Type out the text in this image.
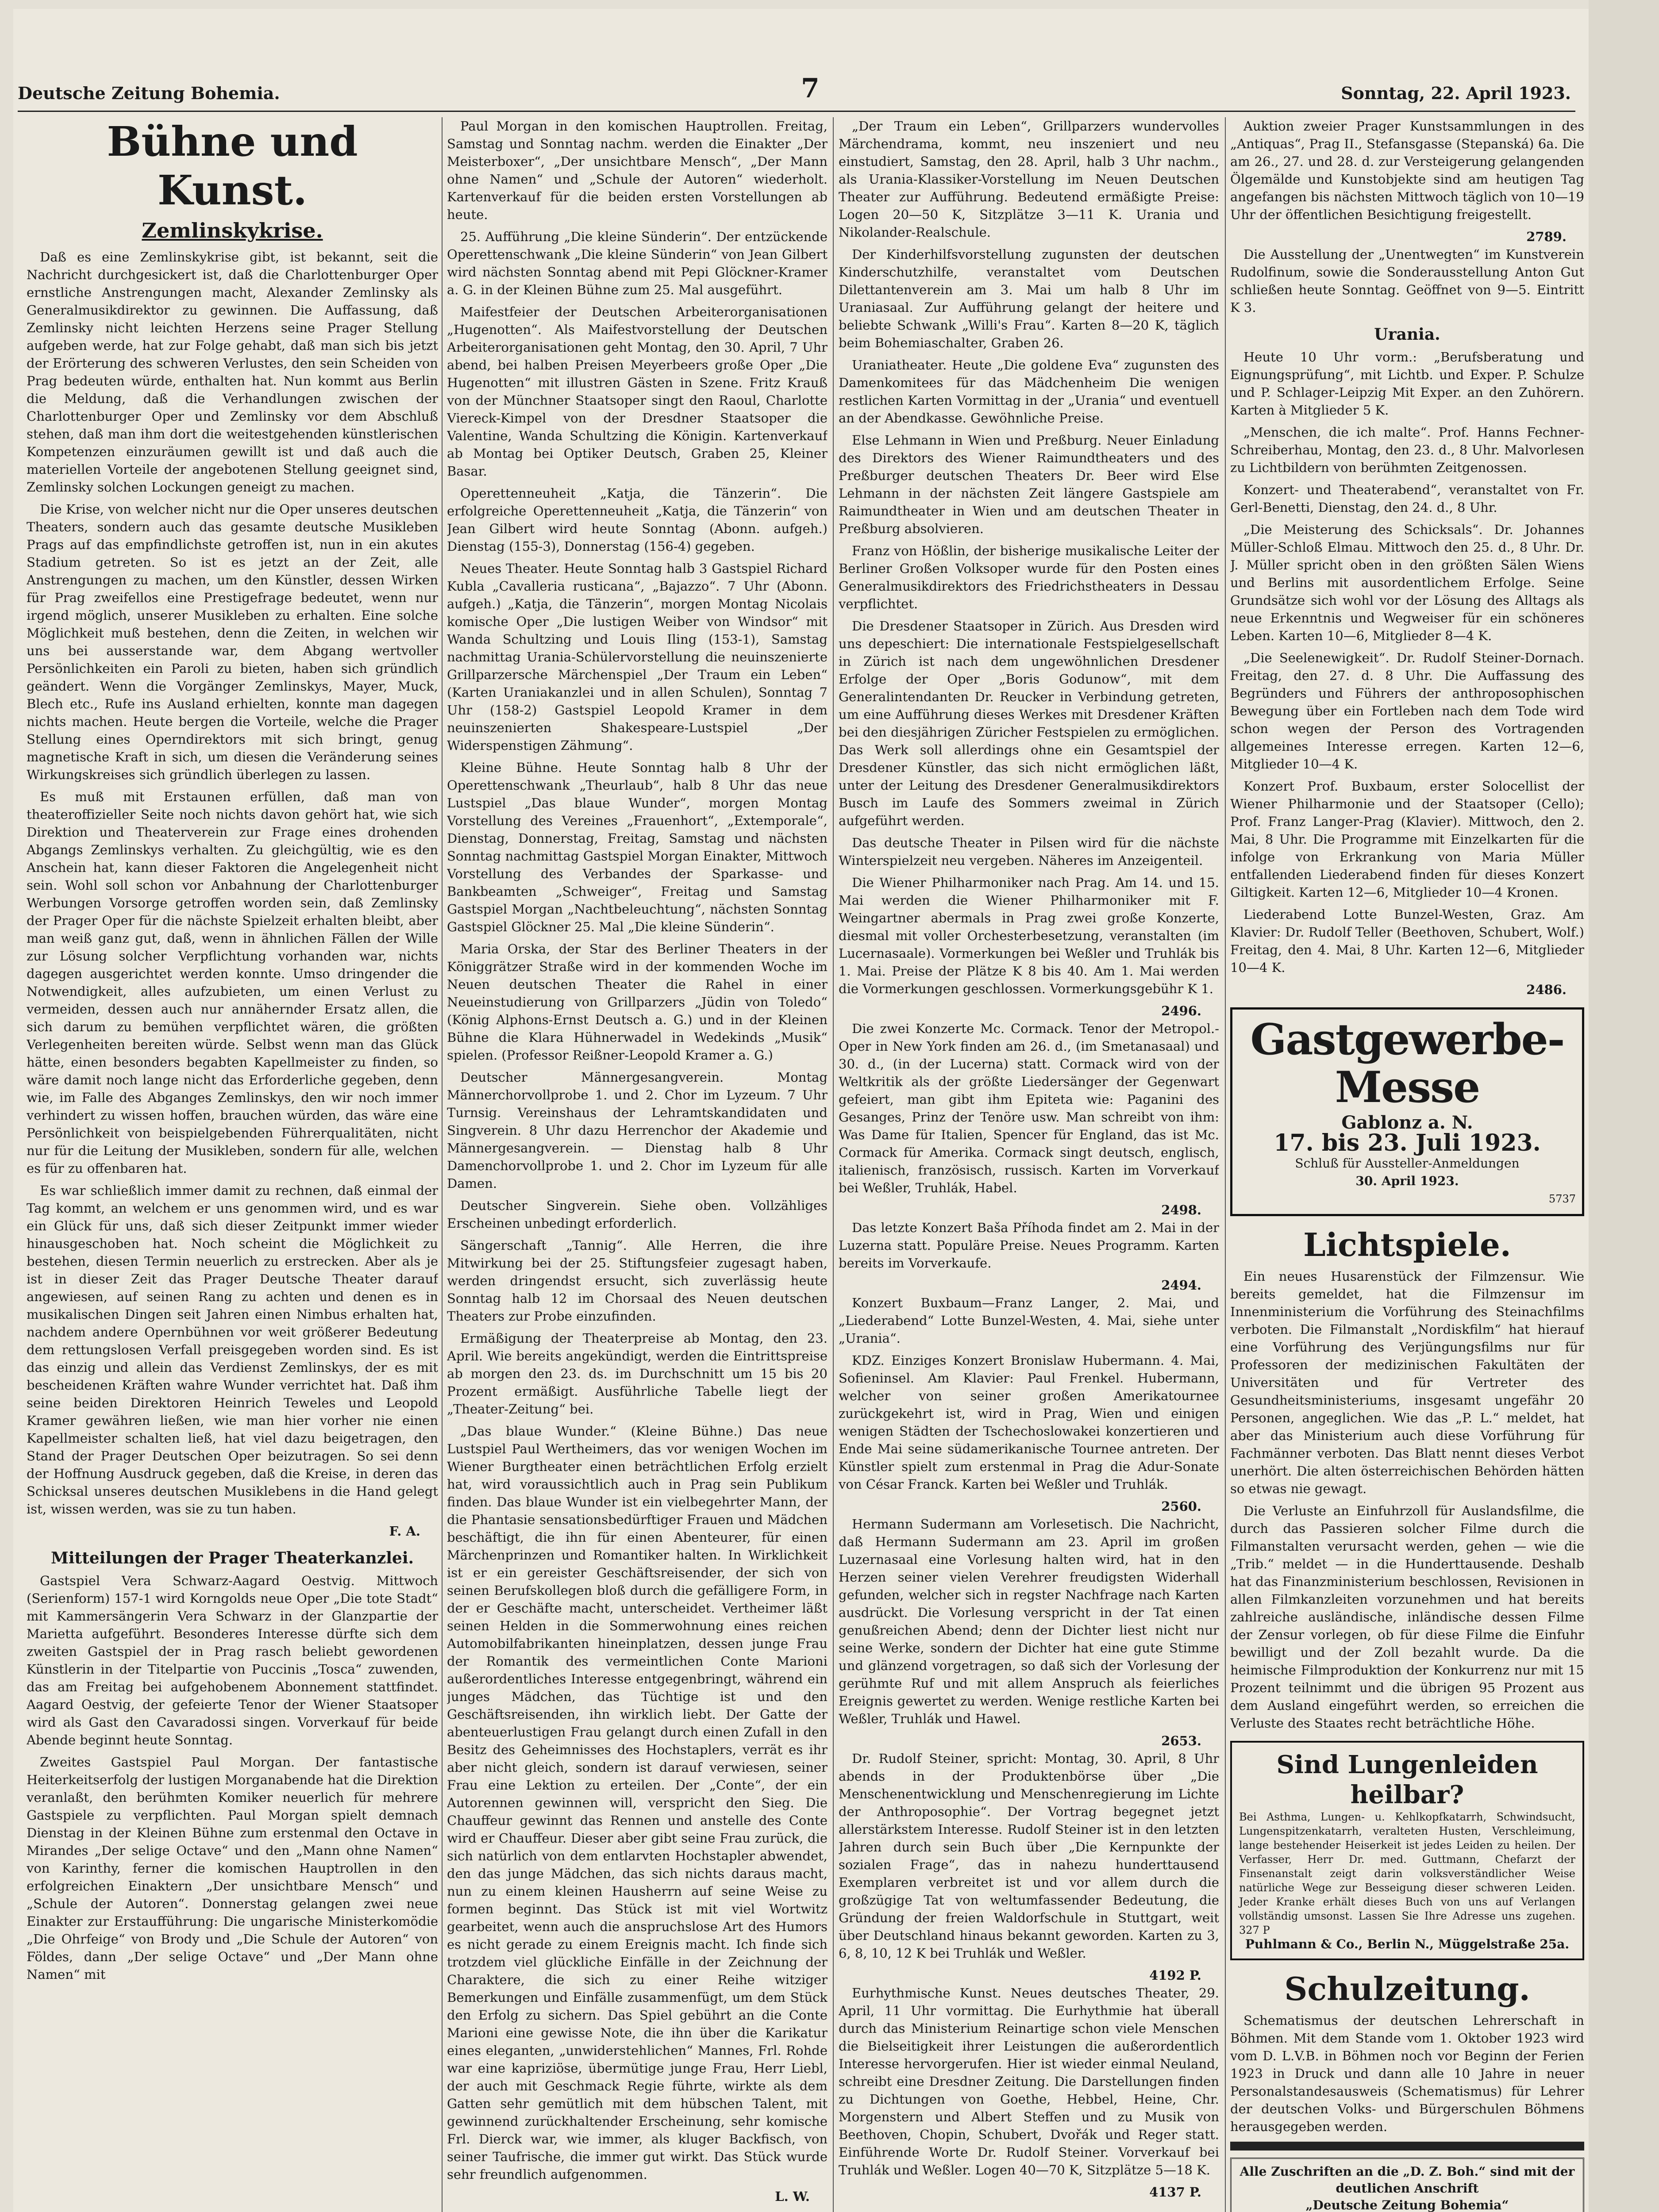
Deutsche Zeitung Bohemia.	7	Sonntag, 22. April 1923.
Bühne und Kunst.
Zemlinskykrise.

Daß es eine Zemlinskykrise gibt, ist bekannt, seit die Nachricht durchgesickert ist, daß die Charlottenburger Oper ernstliche Anstrengungen macht, Alexander Zemlinsky als Generalmusikdirektor zu gewinnen. Die Auffassung, daß Zemlinsky nicht leichten Herzens seine Prager Stellung aufgeben werde, hat zur Folge gehabt, daß man sich bis jetzt der Erörterung des schweren Verlustes, den sein Scheiden von Prag bedeuten würde, enthalten hat. Nun kommt aus Berlin die Meldung, daß die Verhandlungen zwischen der Charlottenburger Oper und Zemlinsky vor dem Abschluß stehen, daß man ihm dort die weitestgehenden künstlerischen Kompetenzen einzuräumen gewillt ist und daß auch die materiellen Vorteile der angebotenen Stellung geeignet sind, Zemlinsky solchen Lockungen geneigt zu machen.

Die Krise, von welcher nicht nur die Oper unseres deutschen Theaters, sondern auch das gesamte deutsche Musikleben Prags auf das empfindlichste getroffen ist, nun in ein akutes Stadium getreten. So ist es jetzt an der Zeit, alle Anstrengungen zu machen, um den Künstler, dessen Wirken für Prag zweifellos eine Prestigefrage bedeutet, wenn nur irgend möglich, unserer Musikleben zu erhalten. Eine solche Möglichkeit muß bestehen, denn die Zeiten, in welchen wir uns bei ausserstande war, dem Abgang wertvoller Persönlichkeiten ein Paroli zu bieten, haben sich gründlich geändert. Wenn die Vorgänger Zemlinskys, Mayer, Muck, Blech etc., Rufe ins Ausland erhielten, konnte man dagegen nichts machen. Heute bergen die Vorteile, welche die Prager Stellung eines Operndirektors mit sich bringt, genug magnetische Kraft in sich, um diesen die Veränderung seines Wirkungskreises sich gründlich überlegen zu lassen.

Es muß mit Erstaunen erfüllen, daß man von theateroffizieller Seite noch nichts davon gehört hat, wie sich Direktion und Theaterverein zur Frage eines drohenden Abgangs Zemlinskys verhalten. Zu gleichgültig, wie es den Anschein hat, kann dieser Faktoren die Angelegenheit nicht sein. Wohl soll schon vor Anbahnung der Charlottenburger Werbungen Vorsorge getroffen worden sein, daß Zemlinsky der Prager Oper für die nächste Spielzeit erhalten bleibt, aber man weiß ganz gut, daß, wenn in ähnlichen Fällen der Wille zur Lösung solcher Verpflichtung vorhanden war, nichts dagegen ausgerichtet werden konnte. Umso dringender die Notwendigkeit, alles aufzubieten, um einen Verlust zu vermeiden, dessen auch nur annähernder Ersatz allen, die sich darum zu bemühen verpflichtet wären, die größten Verlegenheiten bereiten würde. Selbst wenn man das Glück hätte, einen besonders begabten Kapellmeister zu finden, so wäre damit noch lange nicht das Erforderliche gegeben, denn wie, im Falle des Abganges Zemlinskys, den wir noch immer verhindert zu wissen hoffen, brauchen würden, das wäre eine Persönlichkeit von beispielgebenden Führerqualitäten, nicht nur für die Leitung der Musikleben, sondern für alle, welchen es für zu offenbaren hat.

Es war schließlich immer damit zu rechnen, daß einmal der Tag kommt, an welchem er uns genommen wird, und es war ein Glück für uns, daß sich dieser Zeitpunkt immer wieder hinausgeschoben hat. Noch scheint die Möglichkeit zu bestehen, diesen Termin neuerlich zu erstrecken. Aber als je ist in dieser Zeit das Prager Deutsche Theater darauf angewiesen, auf seinen Rang zu achten und denen es in musikalischen Dingen seit Jahren einen Nimbus erhalten hat, nachdem andere Opernbühnen vor weit größerer Bedeutung dem rettungslosen Verfall preisgegeben worden sind. Es ist das einzig und allein das Verdienst Zemlinskys, der es mit bescheidenen Kräften wahre Wunder verrichtet hat. Daß ihm seine beiden Direktoren Heinrich Teweles und Leopold Kramer gewähren ließen, wie man hier vorher nie einen Kapellmeister schalten ließ, hat viel dazu beigetragen, den Stand der Prager Deutschen Oper beizutragen. So sei denn der Hoffnung Ausdruck gegeben, daß die Kreise, in deren das Schicksal unseres deutschen Musiklebens in die Hand gelegt ist, wissen werden, was sie zu tun haben.

F. A.
Mitteilungen der Prager Theaterkanzlei.

Gastspiel Vera Schwarz-Aagard Oestvig. Mittwoch (Serienform) 157-1 wird Korngolds neue Oper „Die tote Stadt“ mit Kammersängerin Vera Schwarz in der Glanzpartie der Marietta aufgeführt. Besonderes Interesse dürfte sich dem zweiten Gastspiel der in Prag rasch beliebt gewordenen Künstlerin in der Titelpartie von Puccinis „Tosca“ zuwenden, das am Freitag bei aufgehobenem Abonnement stattfindet. Aagard Oestvig, der gefeierte Tenor der Wiener Staatsoper wird als Gast den Cavaradossi singen. Vorverkauf für beide Abende beginnt heute Sonntag.

Zweites Gastspiel Paul Morgan. Der fantastische Heiterkeitserfolg der lustigen Morganabende hat die Direktion veranlaßt, den berühmten Komiker neuerlich für mehrere Gastspiele zu verpflichten. Paul Morgan spielt demnach Dienstag in der Kleinen Bühne zum erstenmal den Octave in Mirandes „Der selige Octave“ und den „Mann ohne Namen“ von Karinthy, ferner die komischen Hauptrollen in den erfolgreichen Einaktern „Der unsichtbare Mensch“ und „Schule der Autoren“. Donnerstag gelangen zwei neue Einakter zur Erstaufführung: Die ungarische Ministerkomödie „Die Ohrfeige“ von Brody und „Die Schule der Autoren“ von Földes, dann „Der selige Octave“ und „Der Mann ohne Namen“ mit

Paul Morgan in den komischen Hauptrollen. Freitag, Samstag und Sonntag nachm. werden die Einakter „Der Meisterboxer“, „Der unsichtbare Mensch“, „Der Mann ohne Namen“ und „Schule der Autoren“ wiederholt. Kartenverkauf für die beiden ersten Vorstellungen ab heute.

25. Aufführung „Die kleine Sünderin“. Der entzückende Operettenschwank „Die kleine Sünderin“ von Jean Gilbert wird nächsten Sonntag abend mit Pepi Glöckner-Kramer a. G. in der Kleinen Bühne zum 25. Mal ausgeführt.

Maifestfeier der Deutschen Arbeiterorganisationen „Hugenotten“. Als Maifestvorstellung der Deutschen Arbeiterorganisationen geht Montag, den 30. April, 7 Uhr abend, bei halben Preisen Meyerbeers große Oper „Die Hugenotten“ mit illustren Gästen in Szene. Fritz Krauß von der Münchner Staatsoper singt den Raoul, Charlotte Viereck-Kimpel von der Dresdner Staatsoper die Valentine, Wanda Schultzing die Königin. Kartenverkauf ab Montag bei Optiker Deutsch, Graben 25, Kleiner Basar.

Operettenneuheit „Katja, die Tänzerin“. Die erfolgreiche Operettenneuheit „Katja, die Tänzerin“ von Jean Gilbert wird heute Sonntag (Abonn. aufgeh.) Dienstag (155-3), Donnerstag (156-4) gegeben.

Neues Theater. Heute Sonntag halb 3 Gastspiel Richard Kubla „Cavalleria rusticana“, „Bajazzo“. 7 Uhr (Abonn. aufgeh.) „Katja, die Tänzerin“, morgen Montag Nicolais komische Oper „Die lustigen Weiber von Windsor“ mit Wanda Schultzing und Louis Iling (153-1), Samstag nachmittag Urania-Schülervorstellung die neuinszenierte Grillparzersche Märchenspiel „Der Traum ein Leben“ (Karten Uraniakanzlei und in allen Schulen), Sonntag 7 Uhr (158-2) Gastspiel Leopold Kramer in dem neuinszenierten Shakespeare-Lustspiel „Der Widerspenstigen Zähmung“.

Kleine Bühne. Heute Sonntag halb 8 Uhr der Operettenschwank „Theurlaub“, halb 8 Uhr das neue Lustspiel „Das blaue Wunder“, morgen Montag Vorstellung des Vereines „Frauenhort“, „Extemporale“, Dienstag, Donnerstag, Freitag, Samstag und nächsten Sonntag nachmittag Gastspiel Morgan Einakter, Mittwoch Vorstellung des Verbandes der Sparkasse- und Bankbeamten „Schweiger“, Freitag und Samstag Gastspiel Morgan „Nachtbeleuchtung“, nächsten Sonntag Gastspiel Glöckner 25. Mal „Die kleine Sünderin“.

Maria Orska, der Star des Berliner Theaters in der Königgrätzer Straße wird in der kommenden Woche im Neuen deutschen Theater die Rahel in einer Neueinstudierung von Grillparzers „Jüdin von Toledo“ (König Alphons-Ernst Deutsch a. G.) und in der Kleinen Bühne die Klara Hühnerwadel in Wedekinds „Musik“ spielen. (Professor Reißner-Leopold Kramer a. G.)

Deutscher Männergesangverein. Montag Männerchorvollprobe 1. und 2. Chor im Lyzeum. 7 Uhr Turnsig. Vereinshaus der Lehramtskandidaten und Singverein. 8 Uhr dazu Herrenchor der Akademie und Männergesangverein. — Dienstag halb 8 Uhr Damenchorvollprobe 1. und 2. Chor im Lyzeum für alle Damen.

Deutscher Singverein. Siehe oben. Vollzähliges Erscheinen unbedingt erforderlich.

Sängerschaft „Tannig“. Alle Herren, die ihre Mitwirkung bei der 25. Stiftungsfeier zugesagt haben, werden dringendst ersucht, sich zuverlässig heute Sonntag halb 12 im Chorsaal des Neuen deutschen Theaters zur Probe einzufinden.

Ermäßigung der Theaterpreise ab Montag, den 23. April. Wie bereits angekündigt, werden die Eintrittspreise ab morgen den 23. ds. im Durchschnitt um 15 bis 20 Prozent ermäßigt. Ausführliche Tabelle liegt der „Theater-Zeitung“ bei.

„Das blaue Wunder.“ (Kleine Bühne.) Das neue Lustspiel Paul Wertheimers, das vor wenigen Wochen im Wiener Burgtheater einen beträchtlichen Erfolg erzielt hat, wird voraussichtlich auch in Prag sein Publikum finden. Das blaue Wunder ist ein vielbegehrter Mann, der die Phantasie sensationsbedürftiger Frauen und Mädchen beschäftigt, die ihn für einen Abenteurer, für einen Märchenprinzen und Romantiker halten. In Wirklichkeit ist er ein gereister Geschäftsreisender, der sich von seinen Berufskollegen bloß durch die gefälligere Form, in der er Geschäfte macht, unterscheidet. Vertheimer läßt seinen Helden in die Sommerwohnung eines reichen Automobilfabrikanten hineinplatzen, dessen junge Frau der Romantik des vermeintlichen Conte Marioni außerordentliches Interesse entgegenbringt, während ein junges Mädchen, das Tüchtige ist und den Geschäftsreisenden, ihn wirklich liebt. Der Gatte der abenteuerlustigen Frau gelangt durch einen Zufall in den Besitz des Geheimnisses des Hochstaplers, verrät es ihr aber nicht gleich, sondern ist darauf verwiesen, seiner Frau eine Lektion zu erteilen. Der „Conte“, der ein Autorennen gewinnen will, verspricht den Sieg. Die Chauffeur gewinnt das Rennen und anstelle des Conte wird er Chauffeur. Dieser aber gibt seine Frau zurück, die sich natürlich von dem entlarvten Hochstapler abwendet, den das junge Mädchen, das sich nichts daraus macht, nun zu einem kleinen Hausherrn auf seine Weise zu formen beginnt. Das Stück ist mit viel Wortwitz gearbeitet, wenn auch die anspruchslose Art des Humors es nicht gerade zu einem Ereignis macht. Ich finde sich trotzdem viel glückliche Einfälle in der Zeichnung der Charaktere, die sich zu einer Reihe witziger Bemerkungen und Einfälle zusammenfügt, um dem Stück den Erfolg zu sichern. Das Spiel gebührt an die Conte Marioni eine gewisse Note, die ihn über die Karikatur eines eleganten, „unwiderstehlichen“ Mannes, Frl. Rohde war eine kapriziöse, übermütige junge Frau, Herr Liebl, der auch mit Geschmack Regie führte, wirkte als dem Gatten sehr gemütlich mit dem hübschen Talent, mit gewinnend zurückhaltender Erscheinung, sehr komische Frl. Dierck war, wie immer, als kluger Backfisch, von seiner Taufrische, die immer gut wirkt. Das Stück wurde sehr freundlich aufgenommen.

L. W.

„Der Traum ein Leben“, Grillparzers wundervolles Märchendrama, kommt, neu inszeniert und neu einstudiert, Samstag, den 28. April, halb 3 Uhr nachm., als Urania-Klassiker-Vorstellung im Neuen Deutschen Theater zur Aufführung. Bedeutend ermäßigte Preise: Logen 20—50 K, Sitzplätze 3—11 K. Urania und Nikolander-Realschule.

Der Kinderhilfsvorstellung zugunsten der deutschen Kinderschutzhilfe, veranstaltet vom Deutschen Dilettantenverein am 3. Mai um halb 8 Uhr im Uraniasaal. Zur Aufführung gelangt der heitere und beliebte Schwank „Willi's Frau“. Karten 8—20 K, täglich beim Bohemiaschalter, Graben 26.

Uraniatheater. Heute „Die goldene Eva“ zugunsten des Damenkomitees für das Mädchenheim Die wenigen restlichen Karten Vormittag in der „Urania“ und eventuell an der Abendkasse. Gewöhnliche Preise.

Else Lehmann in Wien und Preßburg. Neuer Einladung des Direktors des Wiener Raimundtheaters und des Preßburger deutschen Theaters Dr. Beer wird Else Lehmann in der nächsten Zeit längere Gastspiele am Raimundtheater in Wien und am deutschen Theater in Preßburg absolvieren.

Franz von Hößlin, der bisherige musikalische Leiter der Berliner Großen Volksoper wurde für den Posten eines Generalmusikdirektors des Friedrichstheaters in Dessau verpflichtet.

Die Dresdener Staatsoper in Zürich. Aus Dresden wird uns depeschiert: Die internationale Festspielgesellschaft in Zürich ist nach dem ungewöhnlichen Dresdener Erfolge der Oper „Boris Godunow“, mit dem Generalintendanten Dr. Reucker in Verbindung getreten, um eine Aufführung dieses Werkes mit Dresdener Kräften bei den diesjährigen Züricher Festspielen zu ermöglichen. Das Werk soll allerdings ohne ein Gesamtspiel der Dresdener Künstler, das sich nicht ermöglichen läßt, unter der Leitung des Dresdener Generalmusikdirektors Busch im Laufe des Sommers zweimal in Zürich aufgeführt werden.

Das deutsche Theater in Pilsen wird für die nächste Winterspielzeit neu vergeben. Näheres im Anzeigenteil.

Die Wiener Philharmoniker nach Prag. Am 14. und 15. Mai werden die Wiener Philharmoniker mit F. Weingartner abermals in Prag zwei große Konzerte, diesmal mit voller Orchesterbesetzung, veranstalten (im Lucernasaale). Vormerkungen bei Weßler und Truhlák bis 1. Mai. Preise der Plätze K 8 bis 40. Am 1. Mai werden die Vormerkungen geschlossen. Vormerkungsgebühr K 1.

2496.

Die zwei Konzerte Mc. Cormack. Tenor der Metropol.-Oper in New York finden am 26. d., (im Smetanasaal) und 30. d., (in der Lucerna) statt. Cormack wird von der Weltkritik als der größte Liedersänger der Gegenwart gefeiert, man gibt ihm Epiteta wie: Paganini des Gesanges, Prinz der Tenöre usw. Man schreibt von ihm: Was Dame für Italien, Spencer für England, das ist Mc. Cormack für Amerika. Cormack singt deutsch, englisch, italienisch, französisch, russisch. Karten im Vorverkauf bei Weßler, Truhlák, Habel.

2498.

Das letzte Konzert Baša Příhoda findet am 2. Mai in der Luzerna statt. Populäre Preise. Neues Programm. Karten bereits im Vorverkaufe.

2494.

Konzert Buxbaum—Franz Langer, 2. Mai, und „Liederabend“ Lotte Bunzel-Westen, 4. Mai, siehe unter „Urania“.

KDZ. Einziges Konzert Bronislaw Hubermann. 4. Mai, Sofieninsel. Am Klavier: Paul Frenkel. Hubermann, welcher von seiner großen Amerikatournee zurückgekehrt ist, wird in Prag, Wien und einigen wenigen Städten der Tschechoslowakei konzertieren und Ende Mai seine südamerikanische Tournee antreten. Der Künstler spielt zum erstenmal in Prag die Adur-Sonate von César Franck. Karten bei Weßler und Truhlák.

2560.

Hermann Sudermann am Vorlesetisch. Die Nachricht, daß Hermann Sudermann am 23. April im großen Luzernasaal eine Vorlesung halten wird, hat in den Herzen seiner vielen Verehrer freudigsten Widerhall gefunden, welcher sich in regster Nachfrage nach Karten ausdrückt. Die Vorlesung verspricht in der Tat einen genußreichen Abend; denn der Dichter liest nicht nur seine Werke, sondern der Dichter hat eine gute Stimme und glänzend vorgetragen, so daß sich der Vorlesung der gerühmte Ruf und mit allem Anspruch als feierliches Ereignis gewertet zu werden. Wenige restliche Karten bei Weßler, Truhlák und Hawel.

2653.

Dr. Rudolf Steiner, spricht: Montag, 30. April, 8 Uhr abends in der Produktenbörse über „Die Menschenentwicklung und Menschenregierung im Lichte der Anthroposophie“. Der Vortrag begegnet jetzt allerstärkstem Interesse. Rudolf Steiner ist in den letzten Jahren durch sein Buch über „Die Kernpunkte der sozialen Frage“, das in nahezu hunderttausend Exemplaren verbreitet ist und vor allem durch die großzügige Tat von weltumfassender Bedeutung, die Gründung der freien Waldorfschule in Stuttgart, weit über Deutschland hinaus bekannt geworden. Karten zu 3, 6, 8, 10, 12 K bei Truhlák und Weßler.

4192 P.

Eurhythmische Kunst. Neues deutsches Theater, 29. April, 11 Uhr vormittag. Die Eurhythmie hat überall durch das Ministerium Reinartige schon viele Menschen die Bielseitigkeit ihrer Leistungen die außerordentlich Interesse hervorgerufen. Hier ist wieder einmal Neuland, schreibt eine Dresdner Zeitung. Die Darstellungen finden zu Dichtungen von Goethe, Hebbel, Heine, Chr. Morgenstern und Albert Steffen und zu Musik von Beethoven, Chopin, Schubert, Dvořák und Reger statt. Einführende Worte Dr. Rudolf Steiner. Vorverkauf bei Truhlák und Weßler. Logen 40—70 K, Sitzplätze 5—18 K.

4137 P.

Auktion zweier Prager Kunstsammlungen in des „Antiquas“, Prag II., Stefansgasse (Stepanská) 6a. Die am 26., 27. und 28. d. zur Versteigerung gelangenden Ölgemälde und Kunstobjekte sind am heutigen Tag angefangen bis nächsten Mittwoch täglich von 10—19 Uhr der öffentlichen Besichtigung freigestellt.

2789.

Die Ausstellung der „Unentwegten“ im Kunstverein Rudolfinum, sowie die Sonderausstellung Anton Gut schließen heute Sonntag. Geöffnet von 9—5. Eintritt K 3.

Urania.

Heute 10 Uhr vorm.: „Berufsberatung und Eignungsprüfung“, mit Lichtb. und Exper. P. Schulze und P. Schlager-Leipzig Mit Exper. an den Zuhörern. Karten à Mitglieder 5 K.

„Menschen, die ich malte“. Prof. Hanns Fechner-Schreiberhau, Montag, den 23. d., 8 Uhr. Malvorlesen zu Lichtbildern von berühmten Zeitgenossen.

Konzert- und Theaterabend“, veranstaltet von Fr. Gerl-Benetti, Dienstag, den 24. d., 8 Uhr.

„Die Meisterung des Schicksals“. Dr. Johannes Müller-Schloß Elmau. Mittwoch den 25. d., 8 Uhr. Dr. J. Müller spricht oben in den größten Sälen Wiens und Berlins mit ausordentlichem Erfolge. Seine Grundsätze sich wohl vor der Lösung des Alltags als neue Erkenntnis und Wegweiser für ein schöneres Leben. Karten 10—6, Mitglieder 8—4 K.

„Die Seelenewigkeit“. Dr. Rudolf Steiner-Dornach. Freitag, den 27. d. 8 Uhr. Die Auffassung des Begründers und Führers der anthroposophischen Bewegung über ein Fortleben nach dem Tode wird schon wegen der Person des Vortragenden allgemeines Interesse erregen. Karten 12—6, Mitglieder 10—4 K.

Konzert Prof. Buxbaum, erster Solocellist der Wiener Philharmonie und der Staatsoper (Cello); Prof. Franz Langer-Prag (Klavier). Mittwoch, den 2. Mai, 8 Uhr. Die Programme mit Einzelkarten für die infolge von Erkrankung von Maria Müller entfallenden Liederabend finden für dieses Konzert Giltigkeit. Karten 12—6, Mitglieder 10—4 Kronen.

Liederabend Lotte Bunzel-Westen, Graz. Am Klavier: Dr. Rudolf Teller (Beethoven, Schubert, Wolf.) Freitag, den 4. Mai, 8 Uhr. Karten 12—6, Mitglieder 10—4 K.

2486.
Gastgewerbe-Messe
Gablonz a. N.
17. bis 23. Juli 1923.
Schluß für Aussteller-Anmeldungen
30. April 1923.
5737
Lichtspiele.

Ein neues Husarenstück der Filmzensur. Wie bereits gemeldet, hat die Filmzensur im Innenministerium die Vorführung des Steinachfilms verboten. Die Filmanstalt „Nordiskfilm“ hat hierauf eine Vorführung des Verjüngungsfilms nur für Professoren der medizinischen Fakultäten der Universitäten und für Vertreter des Gesundheitsministeriums, insgesamt ungefähr 20 Personen, angeglichen. Wie das „P. L.“ meldet, hat aber das Ministerium auch diese Vorführung für Fachmänner verboten. Das Blatt nennt dieses Verbot unerhört. Die alten österreichischen Behörden hätten so etwas nie gewagt.

Die Verluste an Einfuhrzoll für Auslandsfilme, die durch das Passieren solcher Filme durch die Filmanstalten verursacht werden, gehen — wie die „Trib.“ meldet — in die Hunderttausende. Deshalb hat das Finanzministerium beschlossen, Revisionen in allen Filmkanzleiten vorzunehmen und hat bereits zahlreiche ausländische, inländische dessen Filme der Zensur vorlegen, ob für diese Filme die Einfuhr bewilligt und der Zoll bezahlt wurde. Da die heimische Filmproduktion der Konkurrenz nur mit 15 Prozent teilnimmt und die übrigen 95 Prozent aus dem Ausland eingeführt werden, so erreichen die Verluste des Staates recht beträchtliche Höhe.

Sind Lungenleiden heilbar?
Bei Asthma, Lungen- u. Kehlkopfkatarrh, Schwindsucht, Lungenspitzenkatarrh, veralteten Husten, Verschleimung, lange bestehender Heiserkeit ist jedes Leiden zu heilen. Der Verfasser, Herr Dr. med. Guttmann, Chefarzt der Finsenanstalt zeigt darin volksverständlicher Weise natürliche Wege zur Besseigung dieser schweren Leiden. Jeder Kranke erhält dieses Buch von uns auf Verlangen vollständig umsonst. Lassen Sie Ihre Adresse uns zugehen. 327 P
Puhlmann & Co., Berlin N., Müggelstraße 25a.
Schulzeitung.

Schematismus der deutschen Lehrerschaft in Böhmen. Mit dem Stande vom 1. Oktober 1923 wird vom D. L.V.B. in Böhmen noch vor Beginn der Ferien 1923 in Druck und dann alle 10 Jahre in neuer Personalstandesausweis (Schematismus) für Lehrer der deutschen Volks- und Bürgerschulen Böhmens herausgegeben werden.

Alle Zuschriften an die „D. Z. Boh.“ sind mit der deutlichen Anschrift
„Deutsche Zeitung Bohemia“
